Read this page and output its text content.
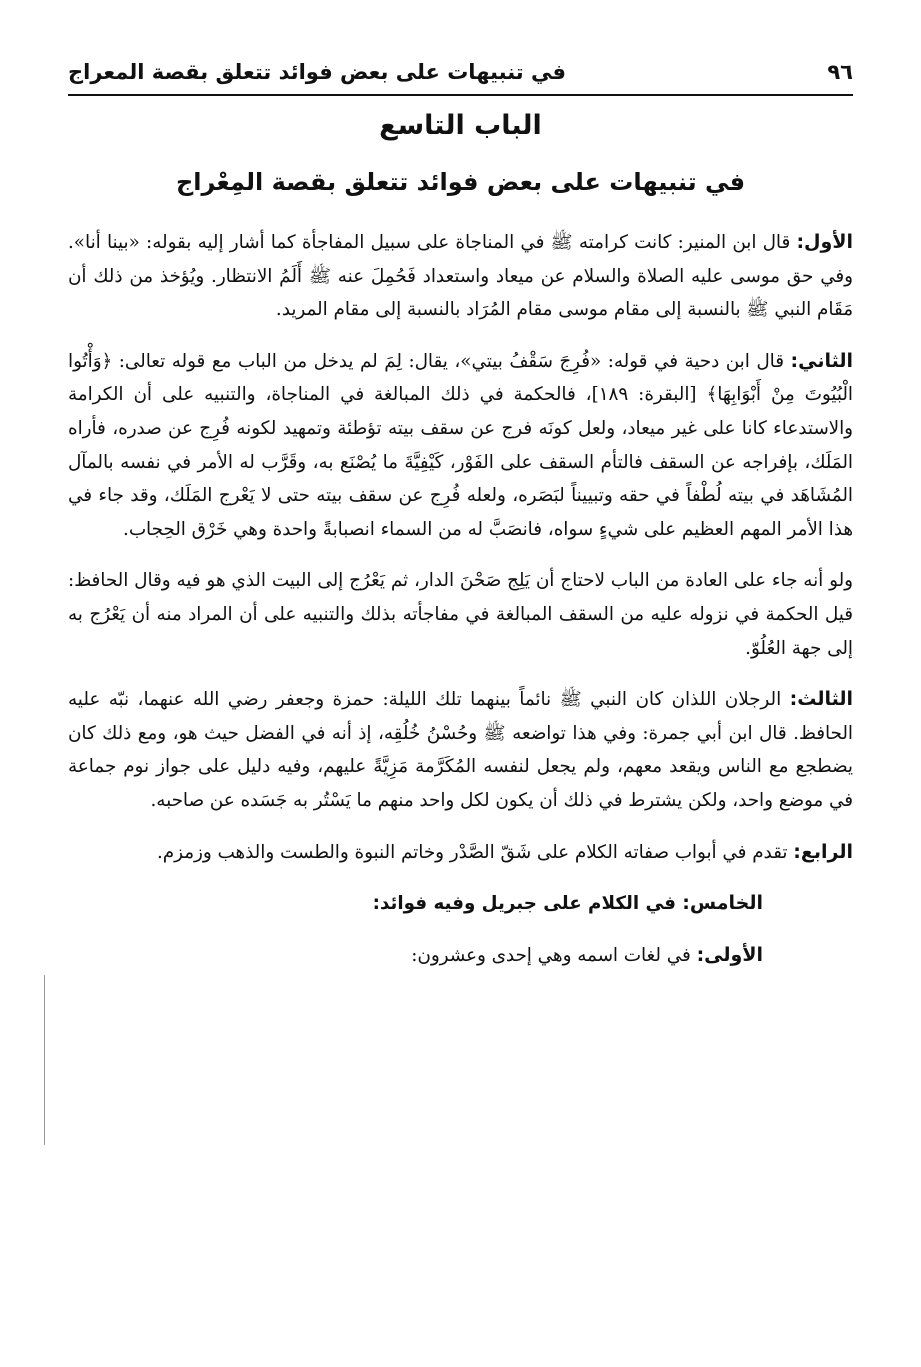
٩٦
في تنبيهات على بعض فوائد تتعلق بقصة المعراج
الباب التاسع
في تنبيهات على بعض فوائد تتعلق بقصة المِعْراج

الأول: قال ابن المنير: كانت كرامته ﷺ في المناجاة على سبيل المفاجأة كما أشار إليه بقوله: «بينا أنا». وفي حق موسى عليه الصلاة والسلام عن ميعاد واستعداد فَحُمِلَ عنه ﷺ أَلَمُ الانتظار. ويُؤخذ من ذلك أن مَقَام النبي ﷺ بالنسبة إلى مقام موسى مقام المُرَاد بالنسبة إلى مقام المريد.

الثاني: قال ابن دحية في قوله: «فُرِجَ سَقْفُ بيتي»، يقال: لِمَ لم يدخل من الباب مع قوله تعالى: ﴿وَأْتُوا الْبُيُوتَ مِنْ أَبْوَابِهَا﴾ [البقرة: ١٨٩]، فالحكمة في ذلك المبالغة في المناجاة، والتنبيه على أن الكرامة والاستدعاء كانا على غير ميعاد، ولعل كونَه فرج عن سقف بيته تؤطئة وتمهيد لكونه فُرِج عن صدره، فأراه المَلَك، بإفراجه عن السقف فالتأم السقف على الفَوْر، كَيْفِيَّةَ ما يُصْنَع به، وقَرَّب له الأمر في نفسه بالمآل المُشَاهَد في بيته لُطْفاً في حقه وتبييناً لبَصَره، ولعله فُرِج عن سقف بيته حتى لا يَعْرج المَلَك، وقد جاء في هذا الأمر المهم العظيم على شيءٍ سواه، فانصَبَّ له من السماء انصبابةً واحدة وهي خَرْق الحِجاب.

ولو أنه جاء على العادة من الباب لاحتاج أن يَلِج صَحْنَ الدار، ثم يَعْرُج إلى البيت الذي هو فيه وقال الحافظ: قيل الحكمة في نزوله عليه من السقف المبالغة في مفاجأته بذلك والتنبيه على أن المراد منه أن يَعْرُج به إلى جهة العُلُوّ.

الثالث: الرجلان اللذان كان النبي ﷺ نائماً بينهما تلك الليلة: حمزة وجعفر رضي الله عنهما، نبّه عليه الحافظ. قال ابن أبي جمرة: وفي هذا تواضعه ﷺ وحُسْنُ خُلُقِه، إذ أنه في الفضل حيث هو، ومع ذلك كان يضطجع مع الناس ويقعد معهم، ولم يجعل لنفسه المُكَرَّمة مَزِيَّةً عليهم، وفيه دليل على جواز نوم جماعة في موضع واحد، ولكن يشترط في ذلك أن يكون لكل واحد منهم ما يَسْتُر به جَسَده عن صاحبه.

الرابع: تقدم في أبواب صفاته الكلام على شَقّ الصَّدْر وخاتم النبوة والطست والذهب وزمزم.

الخامس: في الكلام على جبريل وفيه فوائد:

الأولى: في لغات اسمه وهي إحدى وعشرون:
